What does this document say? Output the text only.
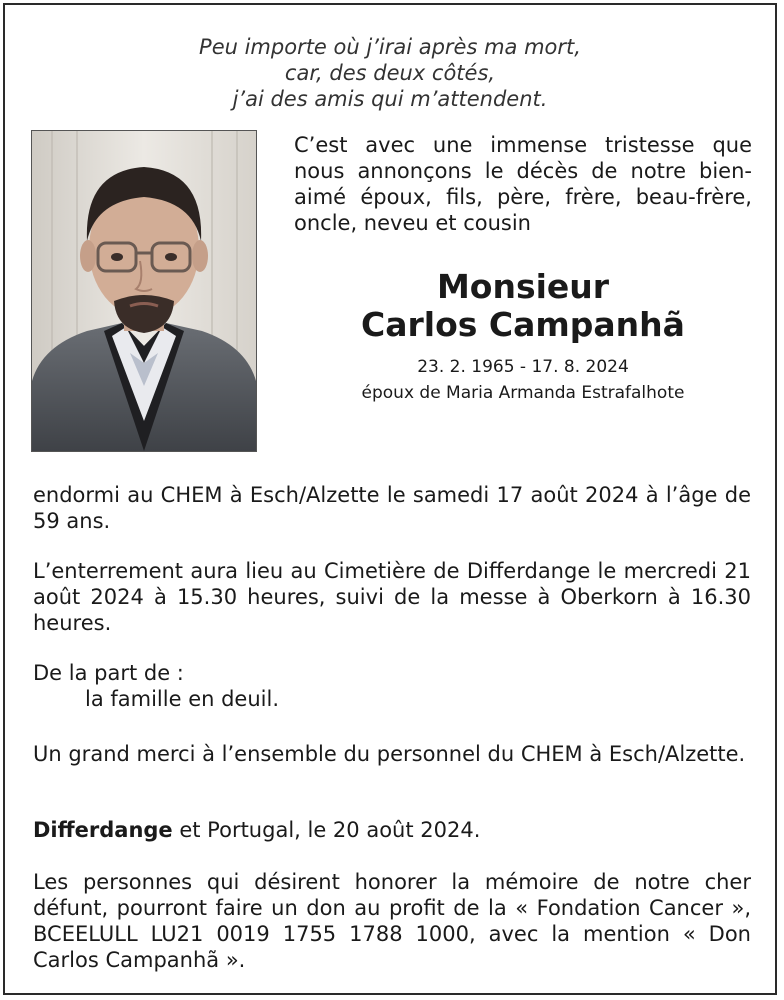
Peu importe où j’irai après ma mort,
car, des deux côtés,
j’ai des amis qui m’attendent.
C’est avec une immense tristesse que nous annonçons le décès de notre bien-aimé époux, fils, père, frère, beau-frère, oncle, neveu et cousin
Monsieur
Carlos Campanhã
23. 2. 1965 - 17. 8. 2024
époux de Maria Armanda Estrafalhote
endormi au CHEM à Esch/Alzette le samedi 17 août 2024 à l’âge de 59 ans.
L’enterrement aura lieu au Cimetière de Differdange le mercredi 21 août 2024 à 15.30 heures, suivi de la messe à Oberkorn à 16.30 heures.
De la part de :
la famille en deuil.
Un grand merci à l’ensemble du personnel du CHEM à Esch/Alzette.
Differdange et Portugal, le 20 août 2024.
Les personnes qui désirent honorer la mémoire de notre cher défunt, pourront faire un don au profit de la « Fondation Cancer », BCEELULL LU21 0019 1755 1788 1000, avec la mention « Don Carlos Campanhã ».
